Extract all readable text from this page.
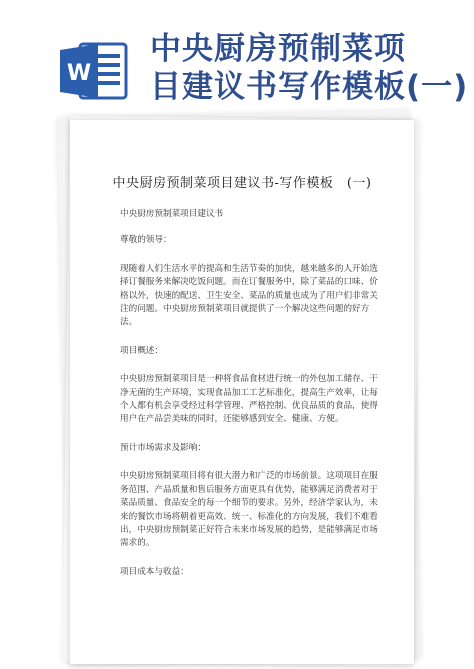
W
中央厨房预制菜项
目建议书写作模板(一)
中央厨房预制菜项目建议书-写作模板　(一)

中央厨房预制菜项目建议书

尊敬的领导：

现随着人们生活水平的提高和生活节奏的加快，越来越多的人开始选择订餐服务来解决吃饭问题。而在订餐服务中，除了菜品的口味、价格以外，快速的配送、卫生安全、菜品的质量也成为了用户们非常关注的问题。中央厨房预制菜项目就提供了一个解决这些问题的好方法。

项目概述：

中央厨房预制菜项目是一种将食品食材进行统一的外包加工储存、干净无菌的生产环境，实现食品加工工艺标准化，提高生产效率，让每个人都有机会享受经过科学管理、严格控制、优良品质的食品，使得用户在产品尝美味的同时，还能够感到安全、健康、方便。

预计市场需求及影响：

中央厨房预制菜项目将有很大潜力和广泛的市场前景。这项项目在服务范围、产品质量和售后服务方面更具有优势，能够满足消费者对于菜品质量、食品安全的每一个细节的要求。另外，经济学家认为，未来的餐饮市场将朝着更高效、统一、标准化的方向发展，我们不难看出，中央厨房预制菜正好符合未来市场发展的趋势，是能够满足市场需求的。

项目成本与收益：
